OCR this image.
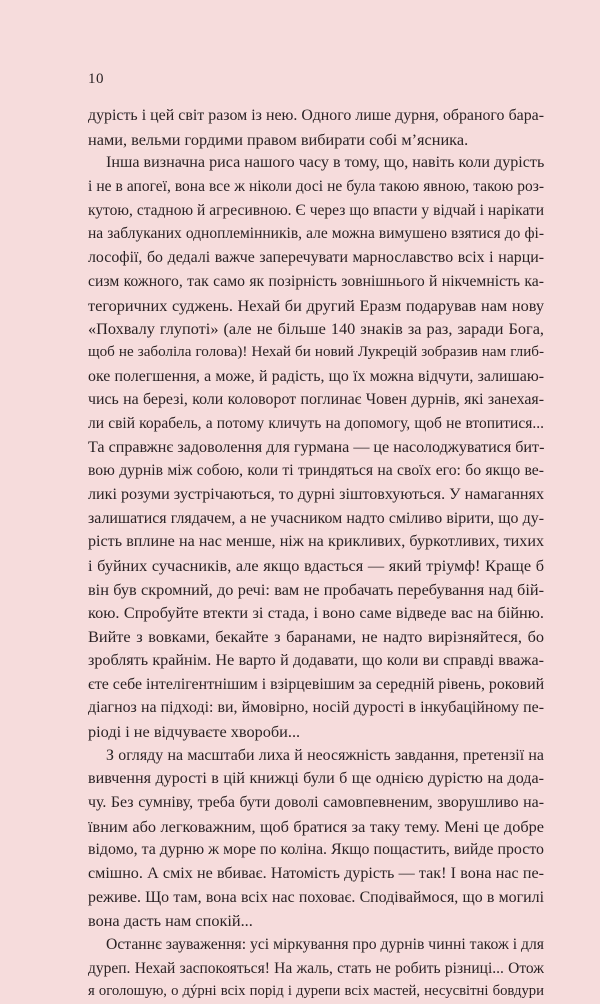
10
дурість і цей світ разом із нею. Одного лише дурня, обраного бара-
нами, вельми гордими правом вибирати собі м’ясника.
Інша визначна риса нашого часу в тому, що, навіть коли дурість
і не в апогеї, вона все ж ніколи досі не була такою явною, такою роз-
кутою, стадною й агресивною. Є через що впасти у відчай і нарікати
на заблуканих одноплемінників, але можна вимушено взятися до фі-
лософії, бо дедалі важче заперечувати марнославство всіх і нарци-
сизм кожного, так само як позірність зовнішнього й нікчемність ка-
тегоричних суджень. Нехай би другий Еразм подарував нам нову
«Похвалу глупоті» (але не більше 140 знаків за раз, заради Бога,
щоб не заболіла голова)! Нехай би новий Лукрецій зобразив нам глиб-
оке полегшення, а може, й радість, що їх можна відчути, залишаю-
чись на березі, коли коловорот поглинає Човен дурнів, які занехая-
ли свій корабель, а потому кличуть на допомогу, щоб не втопитися...
Та справжнє задоволення для гурмана — це насолоджуватися бит-
вою дурнів між собою, коли ті триндяться на своїх его: бо якщо ве-
ликі розуми зустрічаються, то дурні зіштовхуються. У намаганнях
залишатися глядачем, а не учасником надто сміливо вірити, що ду-
рість вплине на нас менше, ніж на крикливих, буркотливих, тихих
і буйних сучасників, але якщо вдасться — який тріумф! Краще б
він був скромний, до речі: вам не пробачать перебування над бій-
кою. Спробуйте втекти зі стада, і воно саме відведе вас на бійню.
Вийте з вовками, бекайте з баранами, не надто вирізняйтеся, бо
зроблять крайнім. Не варто й додавати, що коли ви справді вважа-
єте себе інтелігентнішим і взірцевішим за середній рівень, роковий
діагноз на підході: ви, ймовірно, носій дурості в інкубаційному пе-
ріоді і не відчуваєте хвороби...
З огляду на масштаби лиха й неосяжність завдання, претензії на
вивчення дурості в цій книжці були б ще однією дурістю на дода-
чу. Без сумніву, треба бути доволі самовпевненим, зворушливо на-
ївним або легковажним, щоб братися за таку тему. Мені це добре
відомо, та дурню ж море по коліна. Якщо пощастить, вийде просто
смішно. А сміх не вбиває. Натомість дурість — так! І вона нас пе-
реживе. Що там, вона всіх нас поховає. Сподіваймося, що в могилі
вона дасть нам спокій...
Останнє зауваження: усі міркування про дурнів чинні також і для
дуреп. Нехай заспокояться! На жаль, стать не робить різниці... Отож
я оголошую, о дýрні всіх порід і дурепи всіх мастей, несусвітні бовдури
